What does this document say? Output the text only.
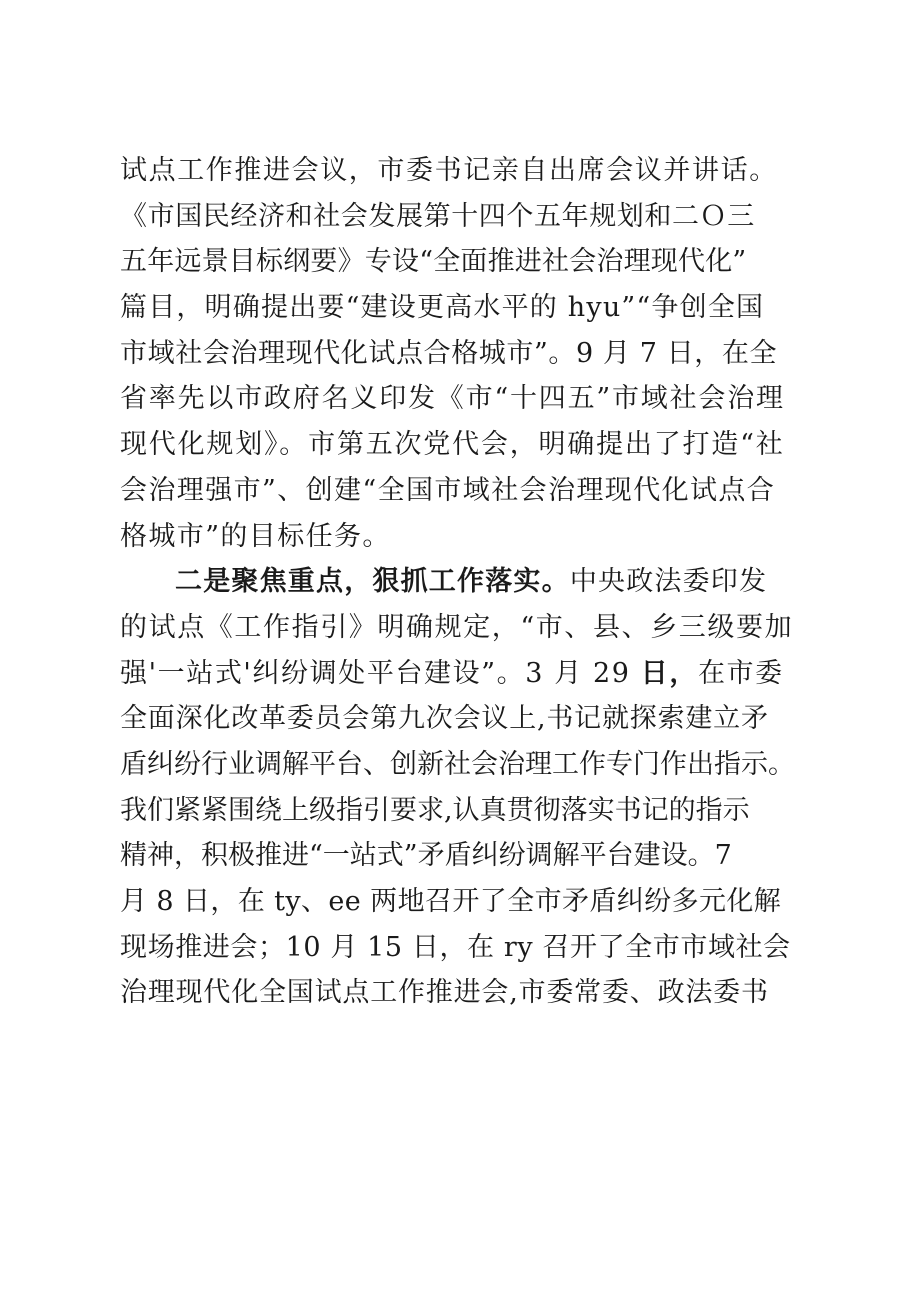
试点工作推进会议，市委书记亲自出席会议并讲话。
《市国民经济和社会发展第十四个五年规划和二Ｏ三
五年远景目标纲要》专设“全面推进社会治理现代化”
篇目，明确提出要“建设更高水平的 hyu”“争创全国
市域社会治理现代化试点合格城市”。9 月 7 日，在全
省率先以市政府名义印发《市“十四五”市域社会治理
现代化规划》。市第五次党代会，明确提出了打造“社
会治理强市”、创建“全国市域社会治理现代化试点合
格城市”的目标任务。
二是聚焦重点，狠抓工作落实。中央政法委印发
的试点《工作指引》明确规定，“市、县、乡三级要加
强'一站式'纠纷调处平台建设”。3 月 29 日，在市委
全面深化改革委员会第九次会议上,书记就探索建立矛
盾纠纷行业调解平台、创新社会治理工作专门作出指示。
我们紧紧围绕上级指引要求,认真贯彻落实书记的指示
精神，积极推进“一站式”矛盾纠纷调解平台建设。7
月 8 日，在 ty、ee 两地召开了全市矛盾纠纷多元化解
现场推进会；10 月 15 日，在 ry 召开了全市市域社会
治理现代化全国试点工作推进会,市委常委、政法委书
